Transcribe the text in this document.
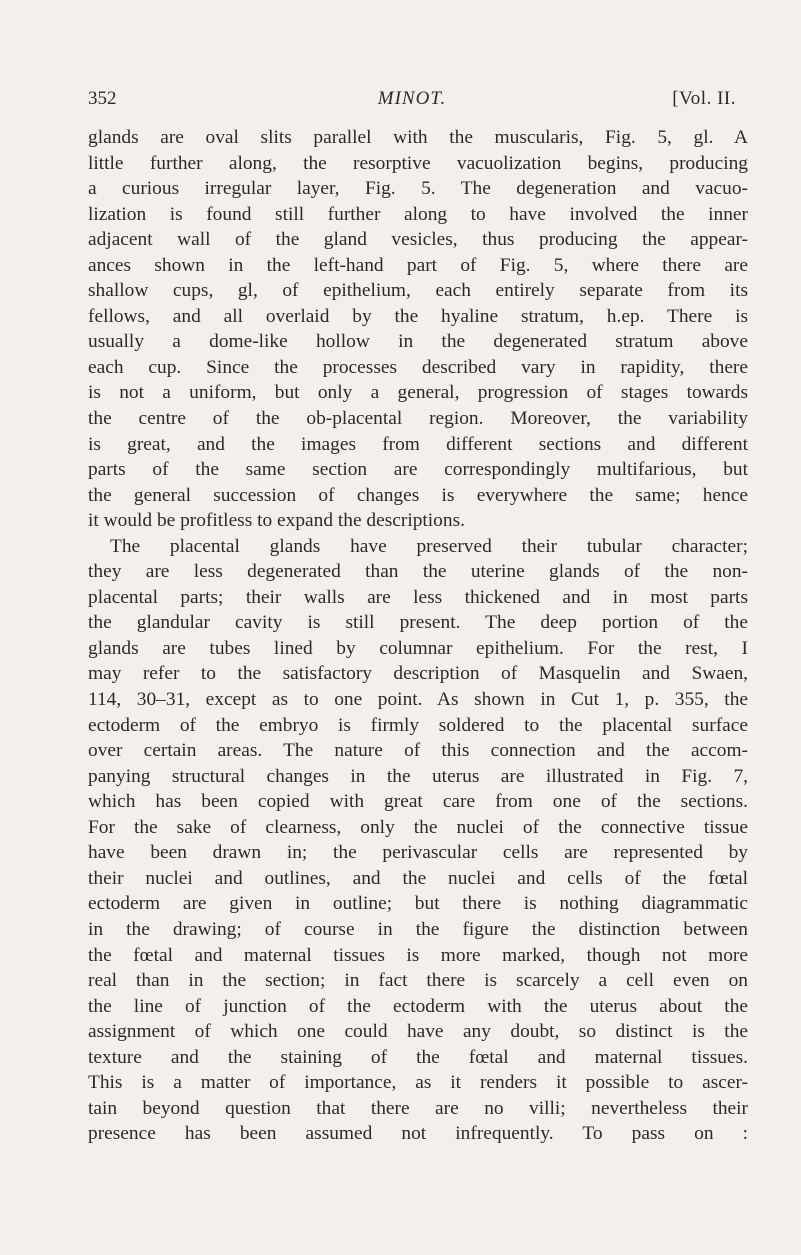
352	MINOT.	[Vol. II.
glands are oval slits parallel with the muscularis, Fig. 5, gl. A
little further along, the resorptive vacuolization begins, producing
a curious irregular layer, Fig. 5. The degeneration and vacuo-
lization is found still further along to have involved the inner
adjacent wall of the gland vesicles, thus producing the appear-
ances shown in the left-hand part of Fig. 5, where there are
shallow cups, gl, of epithelium, each entirely separate from its
fellows, and all overlaid by the hyaline stratum, h.ep. There is
usually a dome-like hollow in the degenerated stratum above
each cup. Since the processes described vary in rapidity, there
is not a uniform, but only a general, progression of stages towards
the centre of the ob-placental region. Moreover, the variability
is great, and the images from different sections and different
parts of the same section are correspondingly multifarious, but
the general succession of changes is everywhere the same; hence
it would be profitless to expand the descriptions.
The placental glands have preserved their tubular character;
they are less degenerated than the uterine glands of the non-
placental parts; their walls are less thickened and in most parts
the glandular cavity is still present. The deep portion of the
glands are tubes lined by columnar epithelium. For the rest, I
may refer to the satisfactory description of Masquelin and Swaen,
114, 30–31, except as to one point. As shown in Cut 1, p. 355, the
ectoderm of the embryo is firmly soldered to the placental surface
over certain areas. The nature of this connection and the accom-
panying structural changes in the uterus are illustrated in Fig. 7,
which has been copied with great care from one of the sections.
For the sake of clearness, only the nuclei of the connective tissue
have been drawn in; the perivascular cells are represented by
their nuclei and outlines, and the nuclei and cells of the fœtal
ectoderm are given in outline; but there is nothing diagrammatic
in the drawing; of course in the figure the distinction between
the fœtal and maternal tissues is more marked, though not more
real than in the section; in fact there is scarcely a cell even on
the line of junction of the ectoderm with the uterus about the
assignment of which one could have any doubt, so distinct is the
texture and the staining of the fœtal and maternal tissues.
This is a matter of importance, as it renders it possible to ascer-
tain beyond question that there are no villi; nevertheless their
presence has been assumed not infrequently. To pass on :
